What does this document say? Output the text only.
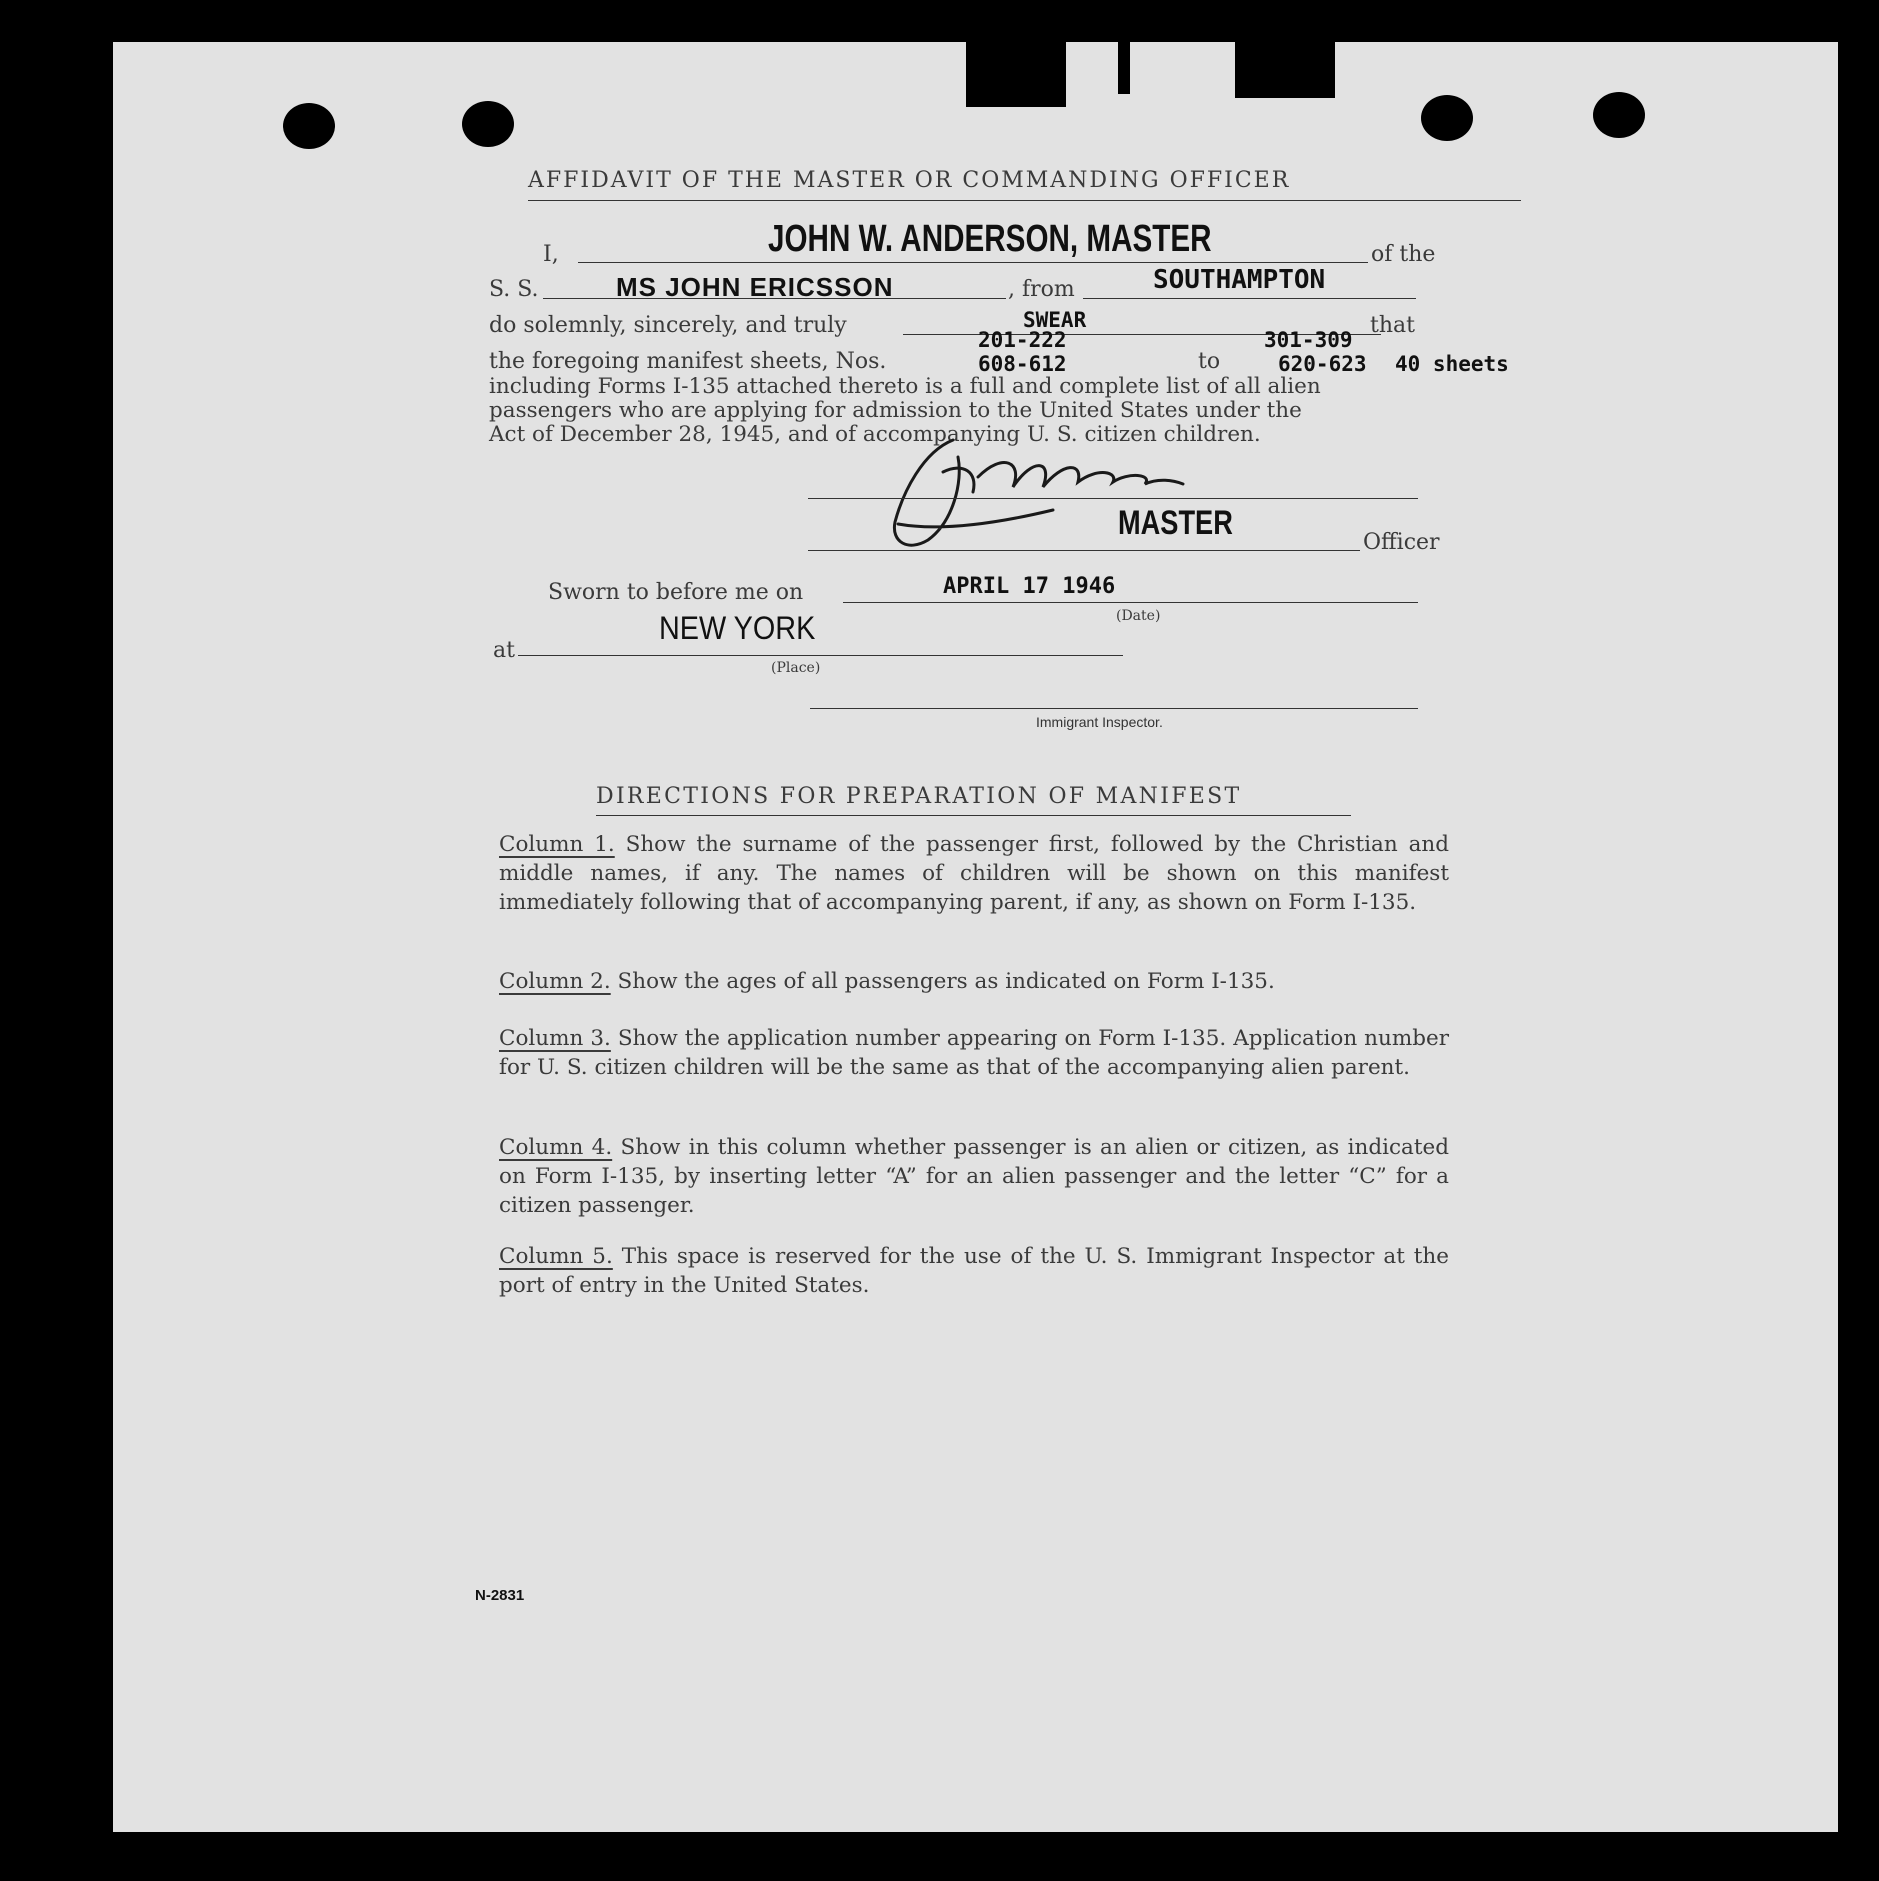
AFFIDAVIT OF THE MASTER OR COMMANDING OFFICER
I,	JOHN W. ANDERSON, MASTER	of the
S. S.	MS JOHN ERICSSON	, from	SOUTHAMPTON
do solemnly, sincerely, and truly	SWEAR	that
201-222	301-309
the foregoing manifest sheets, Nos.	608-612	to	620-623 40 sheets
including Forms I-135 attached thereto is a full and complete list of all alien
passengers who are applying for admission to the United States under the
Act of December 28, 1945, and of accompanying U. S. citizen children.
MASTER
Officer
Sworn to before me on	APRIL 17 1946
(Date)
at
NEW YORK
(Place)
Immigrant Inspector.
DIRECTIONS FOR PREPARATION OF MANIFEST
Column 1. Show the surname of the passenger first, followed by the Christian and middle names, if any. The names of children will be shown on this manifest immediately following that of accompanying parent, if any, as shown on Form I-135.
Column 2. Show the ages of all passengers as indicated on Form I-135.
Column 3. Show the application number appearing on Form I-135. Application number for U. S. citizen children will be the same as that of the accompanying alien parent.
Column 4. Show in this column whether passenger is an alien or citizen, as indicated on Form I-135, by inserting letter “A” for an alien passenger and the letter “C” for a citizen passenger.
Column 5. This space is reserved for the use of the U. S. Immigrant Inspector at the port of entry in the United States.
N-2831
